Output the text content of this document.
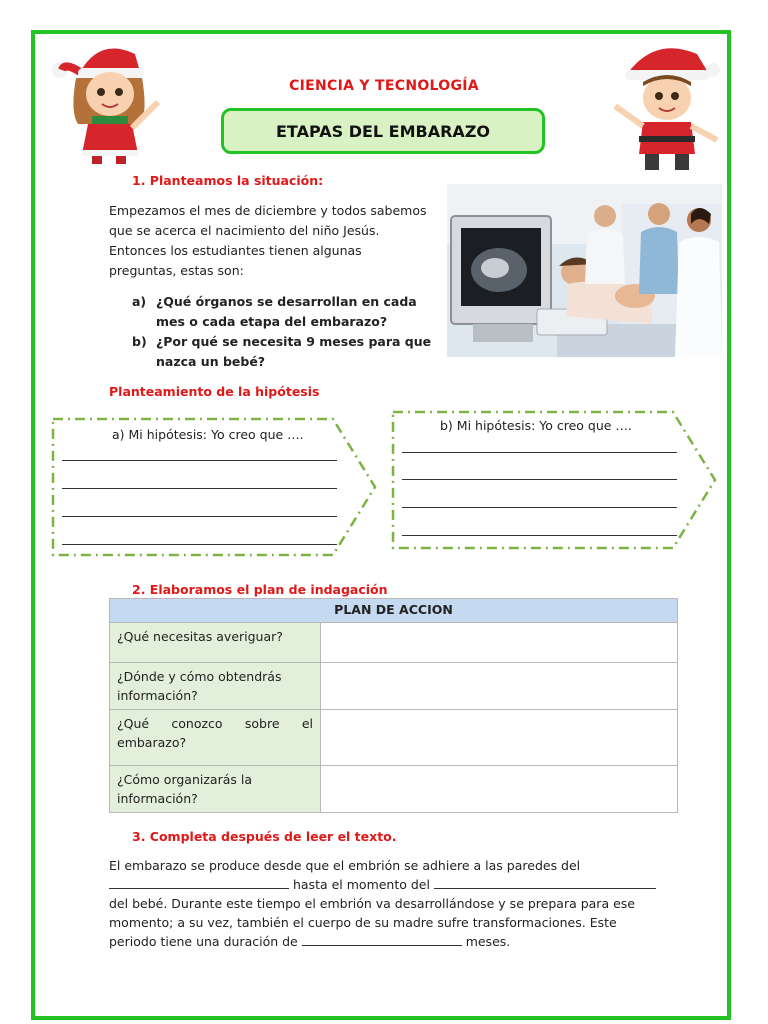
CIENCIA Y TECNOLOGÍA
ETAPAS DEL EMBARAZO
1. Planteamos la situación:
Empezamos el mes de diciembre y todos sabemos
que se acerca el nacimiento del niño Jesús.
Entonces los estudiantes tienen algunas
preguntas, estas son:
a) ¿Qué órganos se desarrollan en cada mes o cada etapa del embarazo?
b) ¿Por qué se necesita 9 meses para que nazca un bebé?
Planteamiento de la hipótesis
a) Mi hipótesis: Yo creo que ….
b) Mi hipótesis: Yo creo que ….
2. Elaboramos el plan de indagación
PLAN DE ACCION	
¿Qué necesitas averiguar?	
¿Dónde y cómo obtendrás información?	
¿Qué conozco sobre el embarazo?	
¿Cómo organizarás la información?	
3. Completa después de leer el texto.
El embarazo se produce desde que el embrión se adhiere a las paredes del
hasta el momento del
del bebé. Durante este tiempo el embrión va desarrollándose y se prepara para ese
momento; a su vez, también el cuerpo de su madre sufre transformaciones. Este
periodo tiene una duración de	meses.
